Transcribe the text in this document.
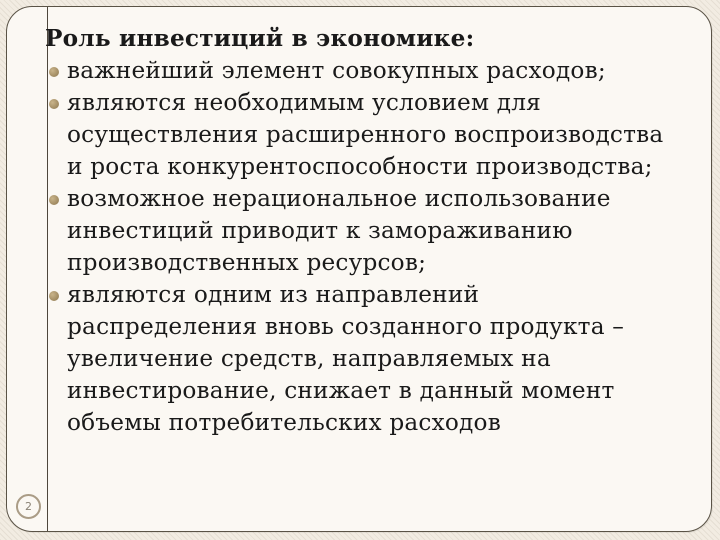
Роль инвестиций в экономике:
важнейший элемент совокупных расходов;
являются необходимым условием для
осуществления расширенного воспроизводства
и роста конкурентоспособности производства;
возможное нерациональное использование
инвестиций приводит к замораживанию
производственных ресурсов;
являются одним из направлений
распределения вновь созданного продукта –
увеличение средств, направляемых на
инвестирование, снижает в данный момент
объемы потребительских расходов
2
